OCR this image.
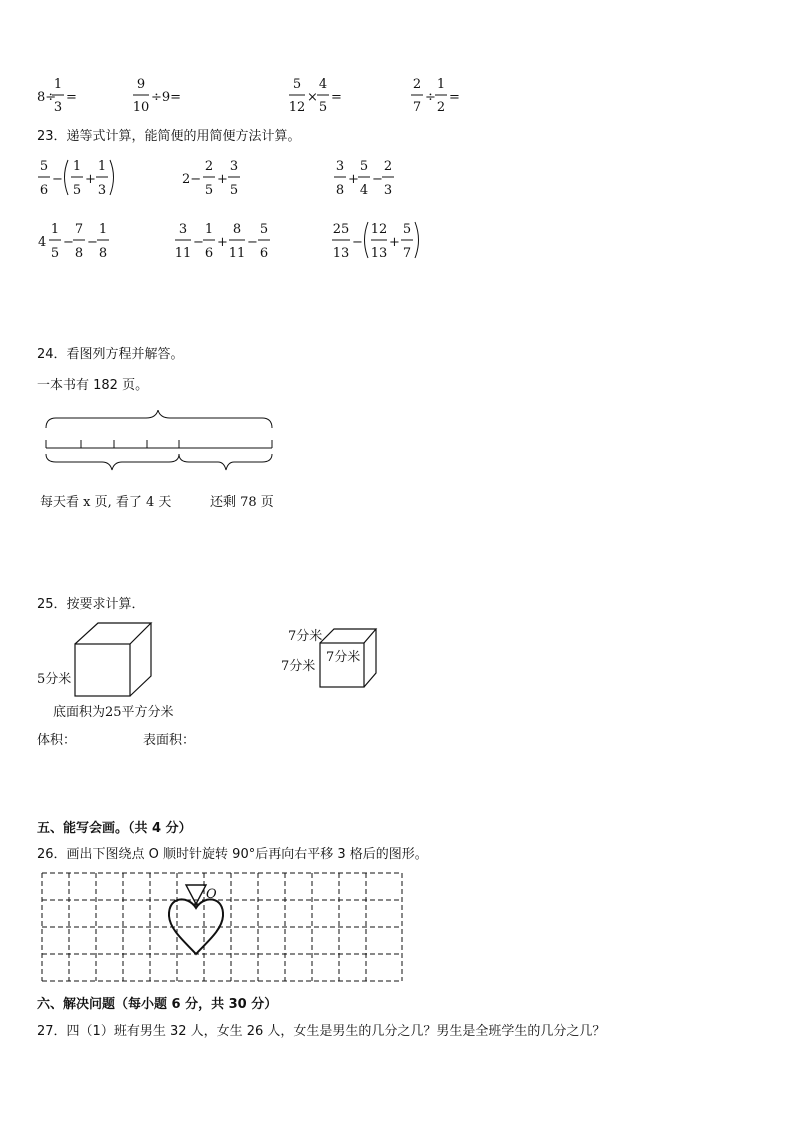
8÷
1
3
=
9
10
÷9=
5
12
×
4
5
=
2
7
÷
1
2
=
23．递等式计算，能简便的用简便方法计算。
5
6
−
1
5
+
1
3
2−
2
5
+
3
5
3
8
+
5
4
−
2
3
4
1
5
−
7
8
−
1
8
3
11
−
1
6
+
8
11
−
5
6
25
13
−
12
13
+
5
7
24．看图列方程并解答。
一本书有 182 页。
每天看 x 页, 看了 4 天	还剩 78 页
25．按要求计算．
5分米
底面积为25平方分米
7分米
7分米
7分米
体积：	表面积：
五、能写会画。（共 4 分）
26．画出下图绕点 O 顺时针旋转 90°后再向右平移 3 格后的图形。
O
六、解决问题（每小题 6 分，共 30 分）
27．四（1）班有男生 32 人，女生 26 人，女生是男生的几分之几？男生是全班学生的几分之几？
